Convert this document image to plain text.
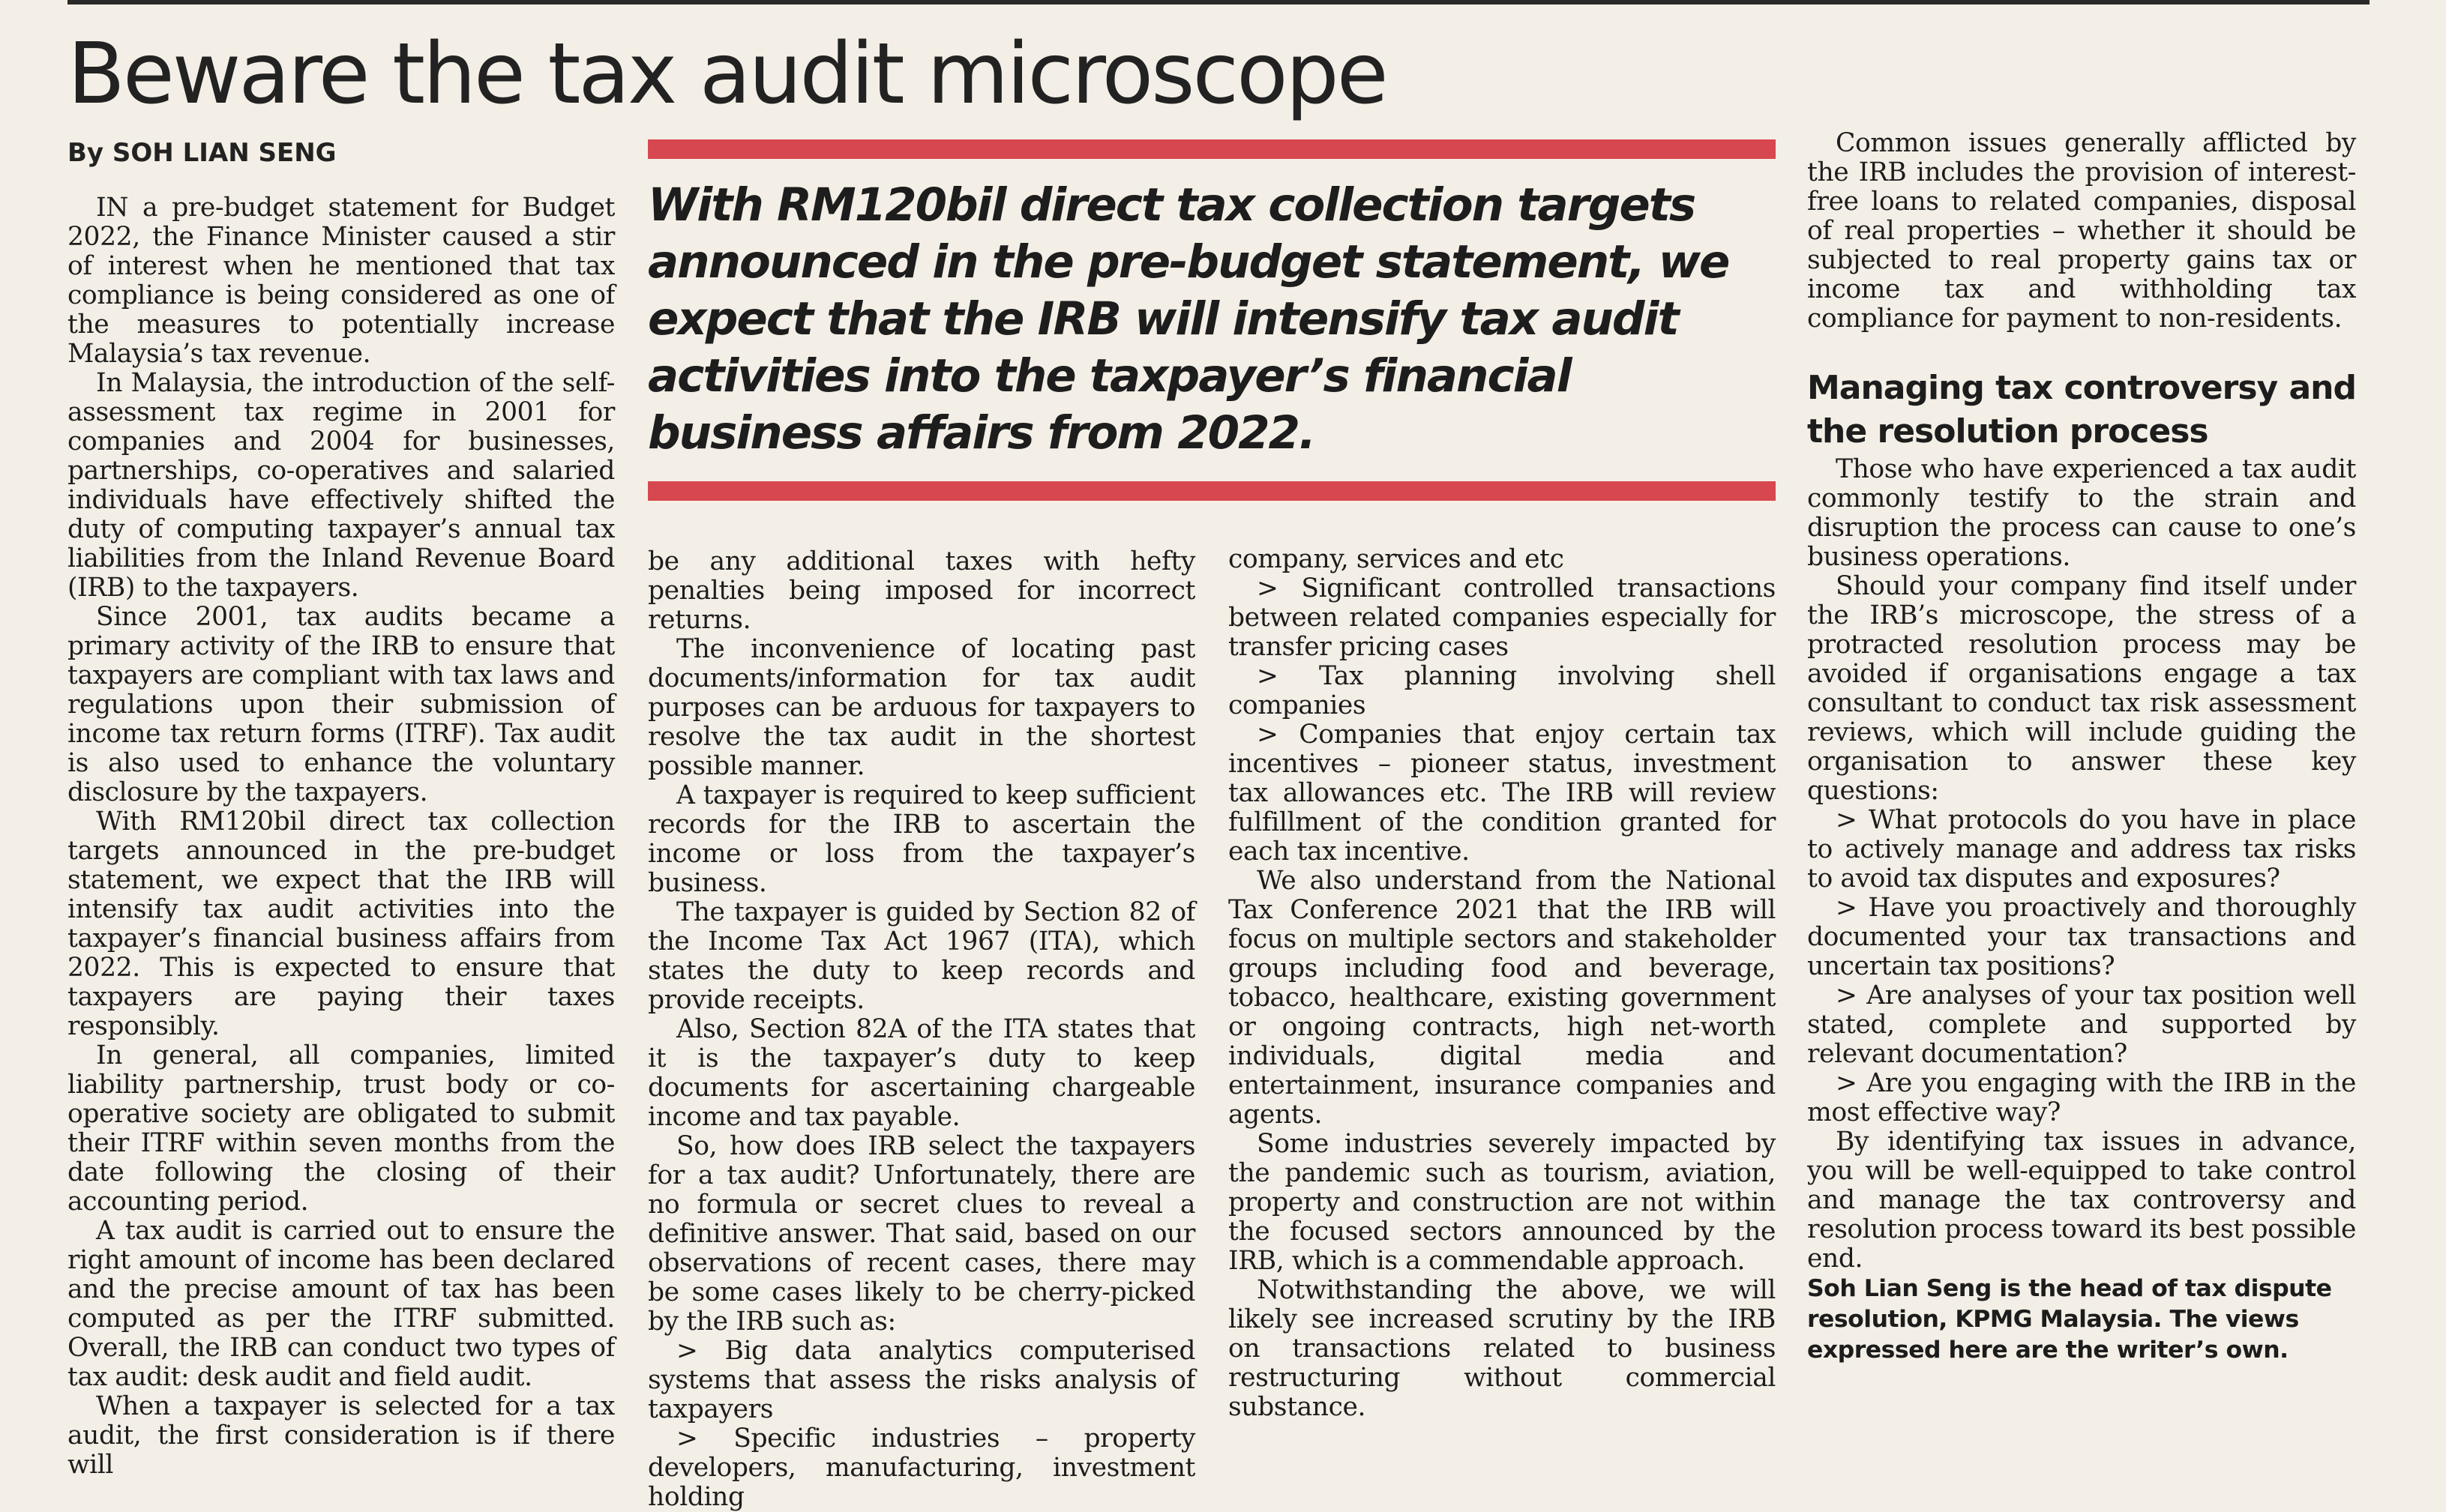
Beware the tax audit microscope
By SOH LIAN SENG

IN a pre-budget statement for Budget 2022, the Finance Minister caused a stir of interest when he mentioned that tax compliance is being considered as one of the measures to potentially increase Malaysia’s tax revenue.

In Malaysia, the introduction of the self-assessment tax regime in 2001 for companies and 2004 for businesses, partnerships, co-operatives and salaried individuals have effectively shifted the duty of computing taxpayer’s annual tax liabilities from the Inland Revenue Board (IRB) to the taxpayers.

Since 2001, tax audits became a primary activity of the IRB to ensure that taxpayers are compliant with tax laws and regulations upon their submission of income tax return forms (ITRF). Tax audit is also used to enhance the voluntary disclosure by the taxpayers.

With RM120bil direct tax collection targets announced in the pre-budget statement, we expect that the IRB will intensify tax audit activities into the taxpayer’s financial business affairs from 2022. This is expected to ensure that taxpayers are paying their taxes responsibly.

In general, all companies, limited liability partnership, trust body or co-operative society are obligated to submit their ITRF within seven months from the date following the closing of their accounting period.

A tax audit is carried out to ensure the right amount of income has been declared and the precise amount of tax has been computed as per the ITRF submitted. Overall, the IRB can conduct two types of tax audit: desk audit and field audit.

When a taxpayer is selected for a tax audit, the first consideration is if there will

With RM120bil direct tax collection targets announced in the pre-budget statement, we expect that the IRB will intensify tax audit activities into the taxpayer’s financial business affairs from 2022.

be any additional taxes with hefty penalties being imposed for incorrect returns.

The inconvenience of locating past documents/information for tax audit purposes can be arduous for taxpayers to resolve the tax audit in the shortest possible manner.

A taxpayer is required to keep sufficient records for the IRB to ascertain the income or loss from the taxpayer’s business.

The taxpayer is guided by Section 82 of the Income Tax Act 1967 (ITA), which states the duty to keep records and provide receipts.

Also, Section 82A of the ITA states that it is the taxpayer’s duty to keep documents for ascertaining chargeable income and tax payable.

So, how does IRB select the taxpayers for a tax audit? Unfortunately, there are no formula or secret clues to reveal a definitive answer. That said, based on our observations of recent cases, there may be some cases likely to be cherry-picked by the IRB such as:

> Big data analytics computerised systems that assess the risks analysis of taxpayers

> Specific industries – property developers, manufacturing, investment holding

company, services and etc

> Significant controlled transactions between related companies especially for transfer pricing cases

> Tax planning involving shell companies

> Companies that enjoy certain tax incentives – pioneer status, investment tax allowances etc. The IRB will review fulfillment of the condition granted for each tax incentive.

We also understand from the National Tax Conference 2021 that the IRB will focus on multiple sectors and stakeholder groups including food and beverage, tobacco, healthcare, existing government or ongoing contracts, high net-worth individuals, digital media and entertainment, insurance companies and agents.

Some industries severely impacted by the pandemic such as tourism, aviation, property and construction are not within the focused sectors announced by the IRB, which is a commendable approach.

Notwithstanding the above, we will likely see increased scrutiny by the IRB on transactions related to business restructuring without commercial substance.

Common issues generally afflicted by the IRB includes the provision of interest-free loans to related companies, disposal of real properties – whether it should be subjected to real property gains tax or income tax and withholding tax compliance for payment to non-residents.

Managing tax controversy and the resolution process

Those who have experienced a tax audit commonly testify to the strain and disruption the process can cause to one’s business operations.

Should your company find itself under the IRB’s microscope, the stress of a protracted resolution process may be avoided if organisations engage a tax consultant to conduct tax risk assessment reviews, which will include guiding the organisation to answer these key questions:

> What protocols do you have in place to actively manage and address tax risks to avoid tax disputes and exposures?

> Have you proactively and thoroughly documented your tax transactions and uncertain tax positions?

> Are analyses of your tax position well stated, complete and supported by relevant documentation?

> Are you engaging with the IRB in the most effective way?

By identifying tax issues in advance, you will be well-equipped to take control and manage the tax controversy and resolution process toward its best possible end.

Soh Lian Seng is the head of tax dispute resolution, KPMG Malaysia. The views expressed here are the writer’s own.
